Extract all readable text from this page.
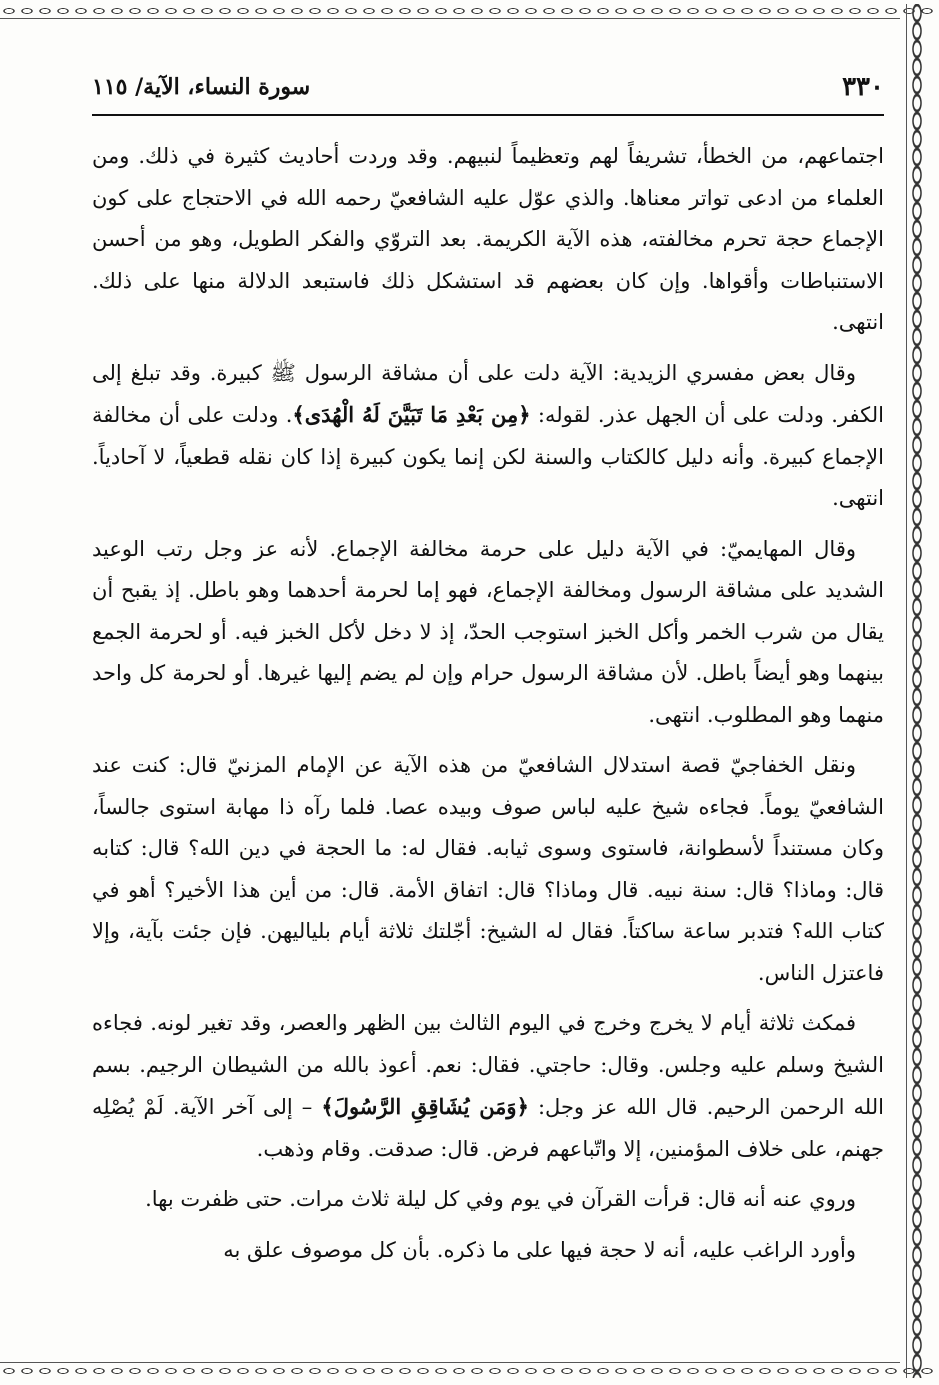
٣٣٠
سورة النساء، الآية/ ١١٥

اجتماعهم، من الخطأ، تشريفاً لهم وتعظيماً لنبيهم. وقد وردت أحاديث كثيرة في ذلك. ومن العلماء من ادعى تواتر معناها. والذي عوّل عليه الشافعيّ رحمه الله في الاحتجاج على كون الإجماع حجة تحرم مخالفته، هذه الآية الكريمة. بعد التروّي والفكر الطويل، وهو من أحسن الاستنباطات وأقواها. وإن كان بعضهم قد استشكل ذلك فاستبعد الدلالة منها على ذلك. انتهى.

وقال بعض مفسري الزيدية: الآية دلت على أن مشاقة الرسول ﷺ كبيرة. وقد تبلغ إلى الكفر. ودلت على أن الجهل عذر. لقوله: ﴿مِن بَعْدِ مَا تَبَيَّنَ لَهُ الْهُدَى﴾. ودلت على أن مخالفة الإجماع كبيرة. وأنه دليل كالكتاب والسنة لكن إنما يكون كبيرة إذا كان نقله قطعياً، لا آحادياً. انتهى.

وقال المهايميّ: في الآية دليل على حرمة مخالفة الإجماع. لأنه عز وجل رتب الوعيد الشديد على مشاقة الرسول ومخالفة الإجماع، فهو إما لحرمة أحدهما وهو باطل. إذ يقبح أن يقال من شرب الخمر وأكل الخبز استوجب الحدّ، إذ لا دخل لأكل الخبز فيه. أو لحرمة الجمع بينهما وهو أيضاً باطل. لأن مشاقة الرسول حرام وإن لم يضم إليها غيرها. أو لحرمة كل واحد منهما وهو المطلوب. انتهى.

ونقل الخفاجيّ قصة استدلال الشافعيّ من هذه الآية عن الإمام المزنيّ قال: كنت عند الشافعيّ يوماً. فجاءه شيخ عليه لباس صوف وبيده عصا. فلما رآه ذا مهابة استوى جالساً، وكان مستنداً لأسطوانة، فاستوى وسوى ثيابه. فقال له: ما الحجة في دين الله؟ قال: كتابه قال: وماذا؟ قال: سنة نبيه. قال وماذا؟ قال: اتفاق الأمة. قال: من أين هذا الأخير؟ أهو في كتاب الله؟ فتدبر ساعة ساكتاً. فقال له الشيخ: أجّلتك ثلاثة أيام بلياليهن. فإن جئت بآية، وإلا فاعتزل الناس.

فمكث ثلاثة أيام لا يخرج وخرج في اليوم الثالث بين الظهر والعصر، وقد تغير لونه. فجاءه الشيخ وسلم عليه وجلس. وقال: حاجتي. فقال: نعم. أعوذ بالله من الشيطان الرجيم. بسم الله الرحمن الرحيم. قال الله عز وجل: ﴿وَمَن يُشَاقِقِ الرَّسُولَ﴾ – إلى آخر الآية. لَمْ يُصْلِه جهنم، على خلاف المؤمنين، إلا واتّباعهم فرض. قال: صدقت. وقام وذهب.

وروي عنه أنه قال: قرأت القرآن في يوم وفي كل ليلة ثلاث مرات. حتى ظفرت بها.

وأورد الراغب عليه، أنه لا حجة فيها على ما ذكره. بأن كل موصوف علق به
